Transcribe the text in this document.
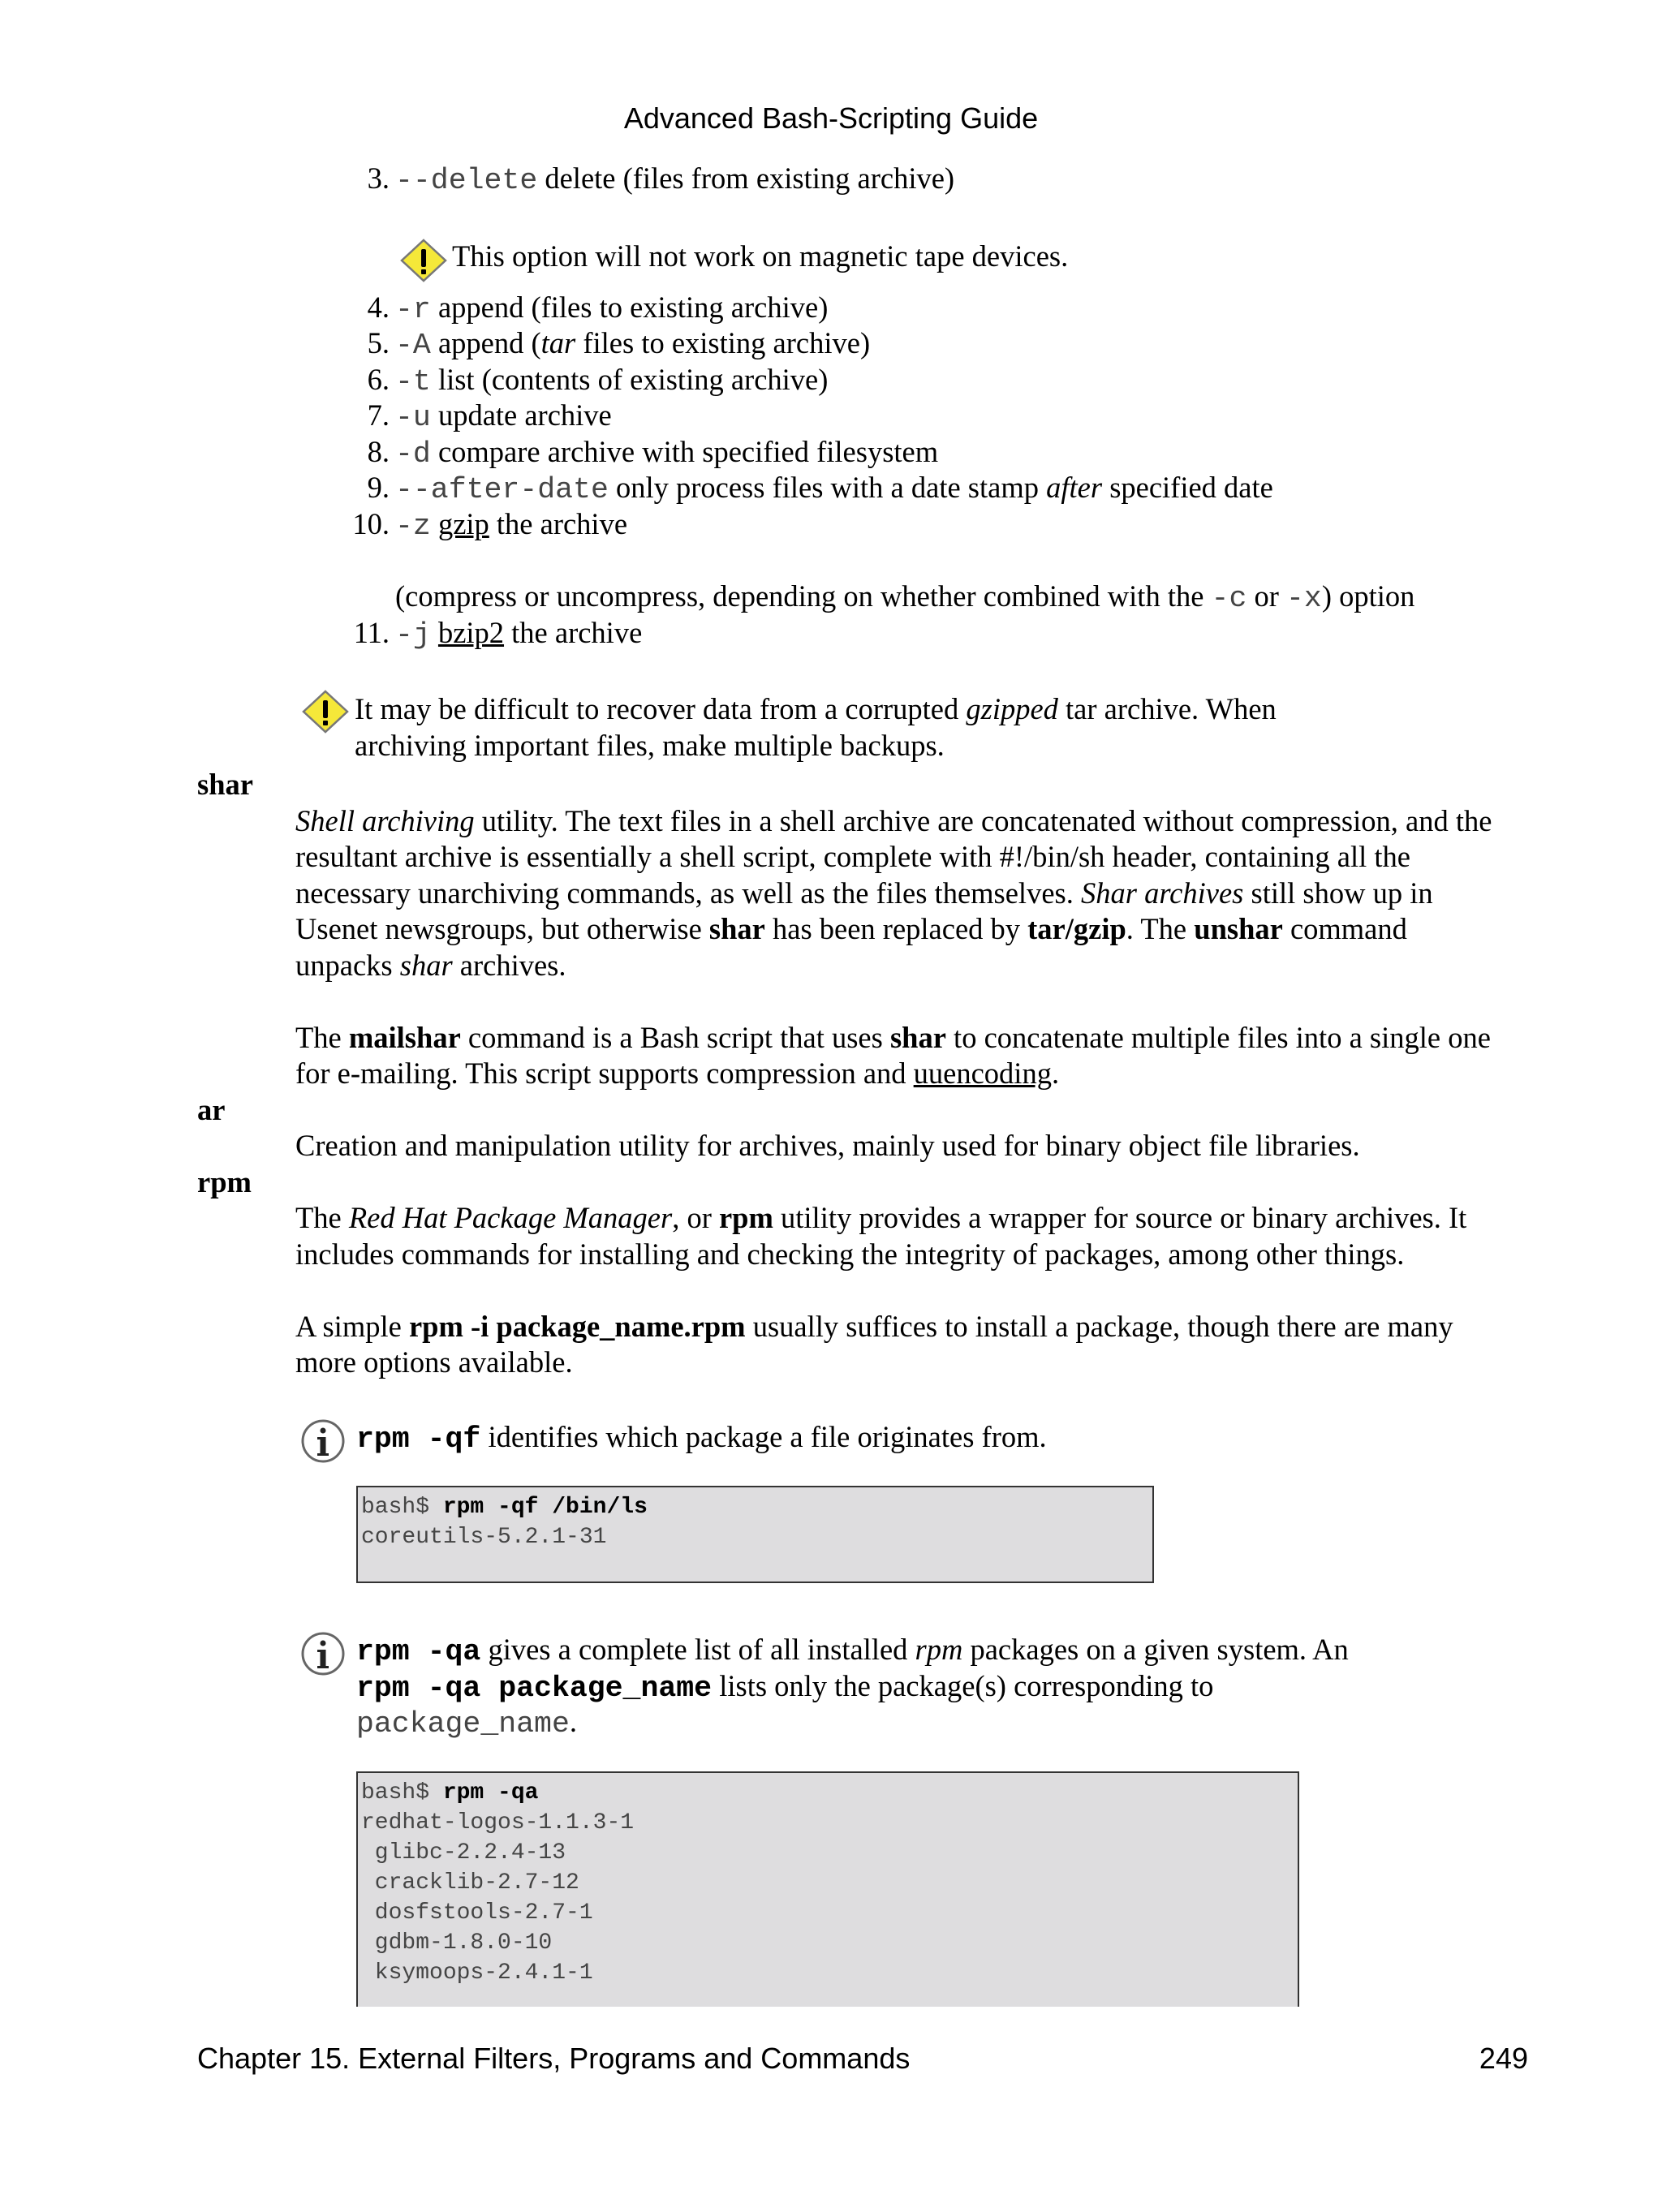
Advanced Bash-Scripting Guide
3. --delete delete (files from existing archive)
This option will not work on magnetic tape devices.
4. -r append (files to existing archive)
5. -A append (tar files to existing archive)
6. -t list (contents of existing archive)
7. -u update archive
8. -d compare archive with specified filesystem
9. --after-date only process files with a date stamp after specified date
10. -z gzip the archive
(compress or uncompress, depending on whether combined with the -c or -x) option
11. -j bzip2 the archive
It may be difficult to recover data from a corrupted gzipped tar archive. When
archiving important files, make multiple backups.
shar
Shell archiving utility. The text files in a shell archive are concatenated without compression, and the
resultant archive is essentially a shell script, complete with #!/bin/sh header, containing all the
necessary unarchiving commands, as well as the files themselves. Shar archives still show up in
Usenet newsgroups, but otherwise shar has been replaced by tar/gzip. The unshar command
unpacks shar archives.
The mailshar command is a Bash script that uses shar to concatenate multiple files into a single one
for e-mailing. This script supports compression and uuencoding.
ar
Creation and manipulation utility for archives, mainly used for binary object file libraries.
rpm
The Red Hat Package Manager, or rpm utility provides a wrapper for source or binary archives. It
includes commands for installing and checking the integrity of packages, among other things.
A simple rpm -i package_name.rpm usually suffices to install a package, though there are many
more options available.
rpm -qf identifies which package a file originates from.
bash$ rpm -qf /bin/ls
coreutils-5.2.1-31
rpm -qa gives a complete list of all installed rpm packages on a given system. An
rpm -qa package_name lists only the package(s) corresponding to
package_name.
bash$ rpm -qa
redhat-logos-1.1.3-1
glibc-2.2.4-13
cracklib-2.7-12
dosfstools-2.7-1
gdbm-1.8.0-10
ksymoops-2.4.1-1
Chapter 15. External Filters, Programs and Commands	249
